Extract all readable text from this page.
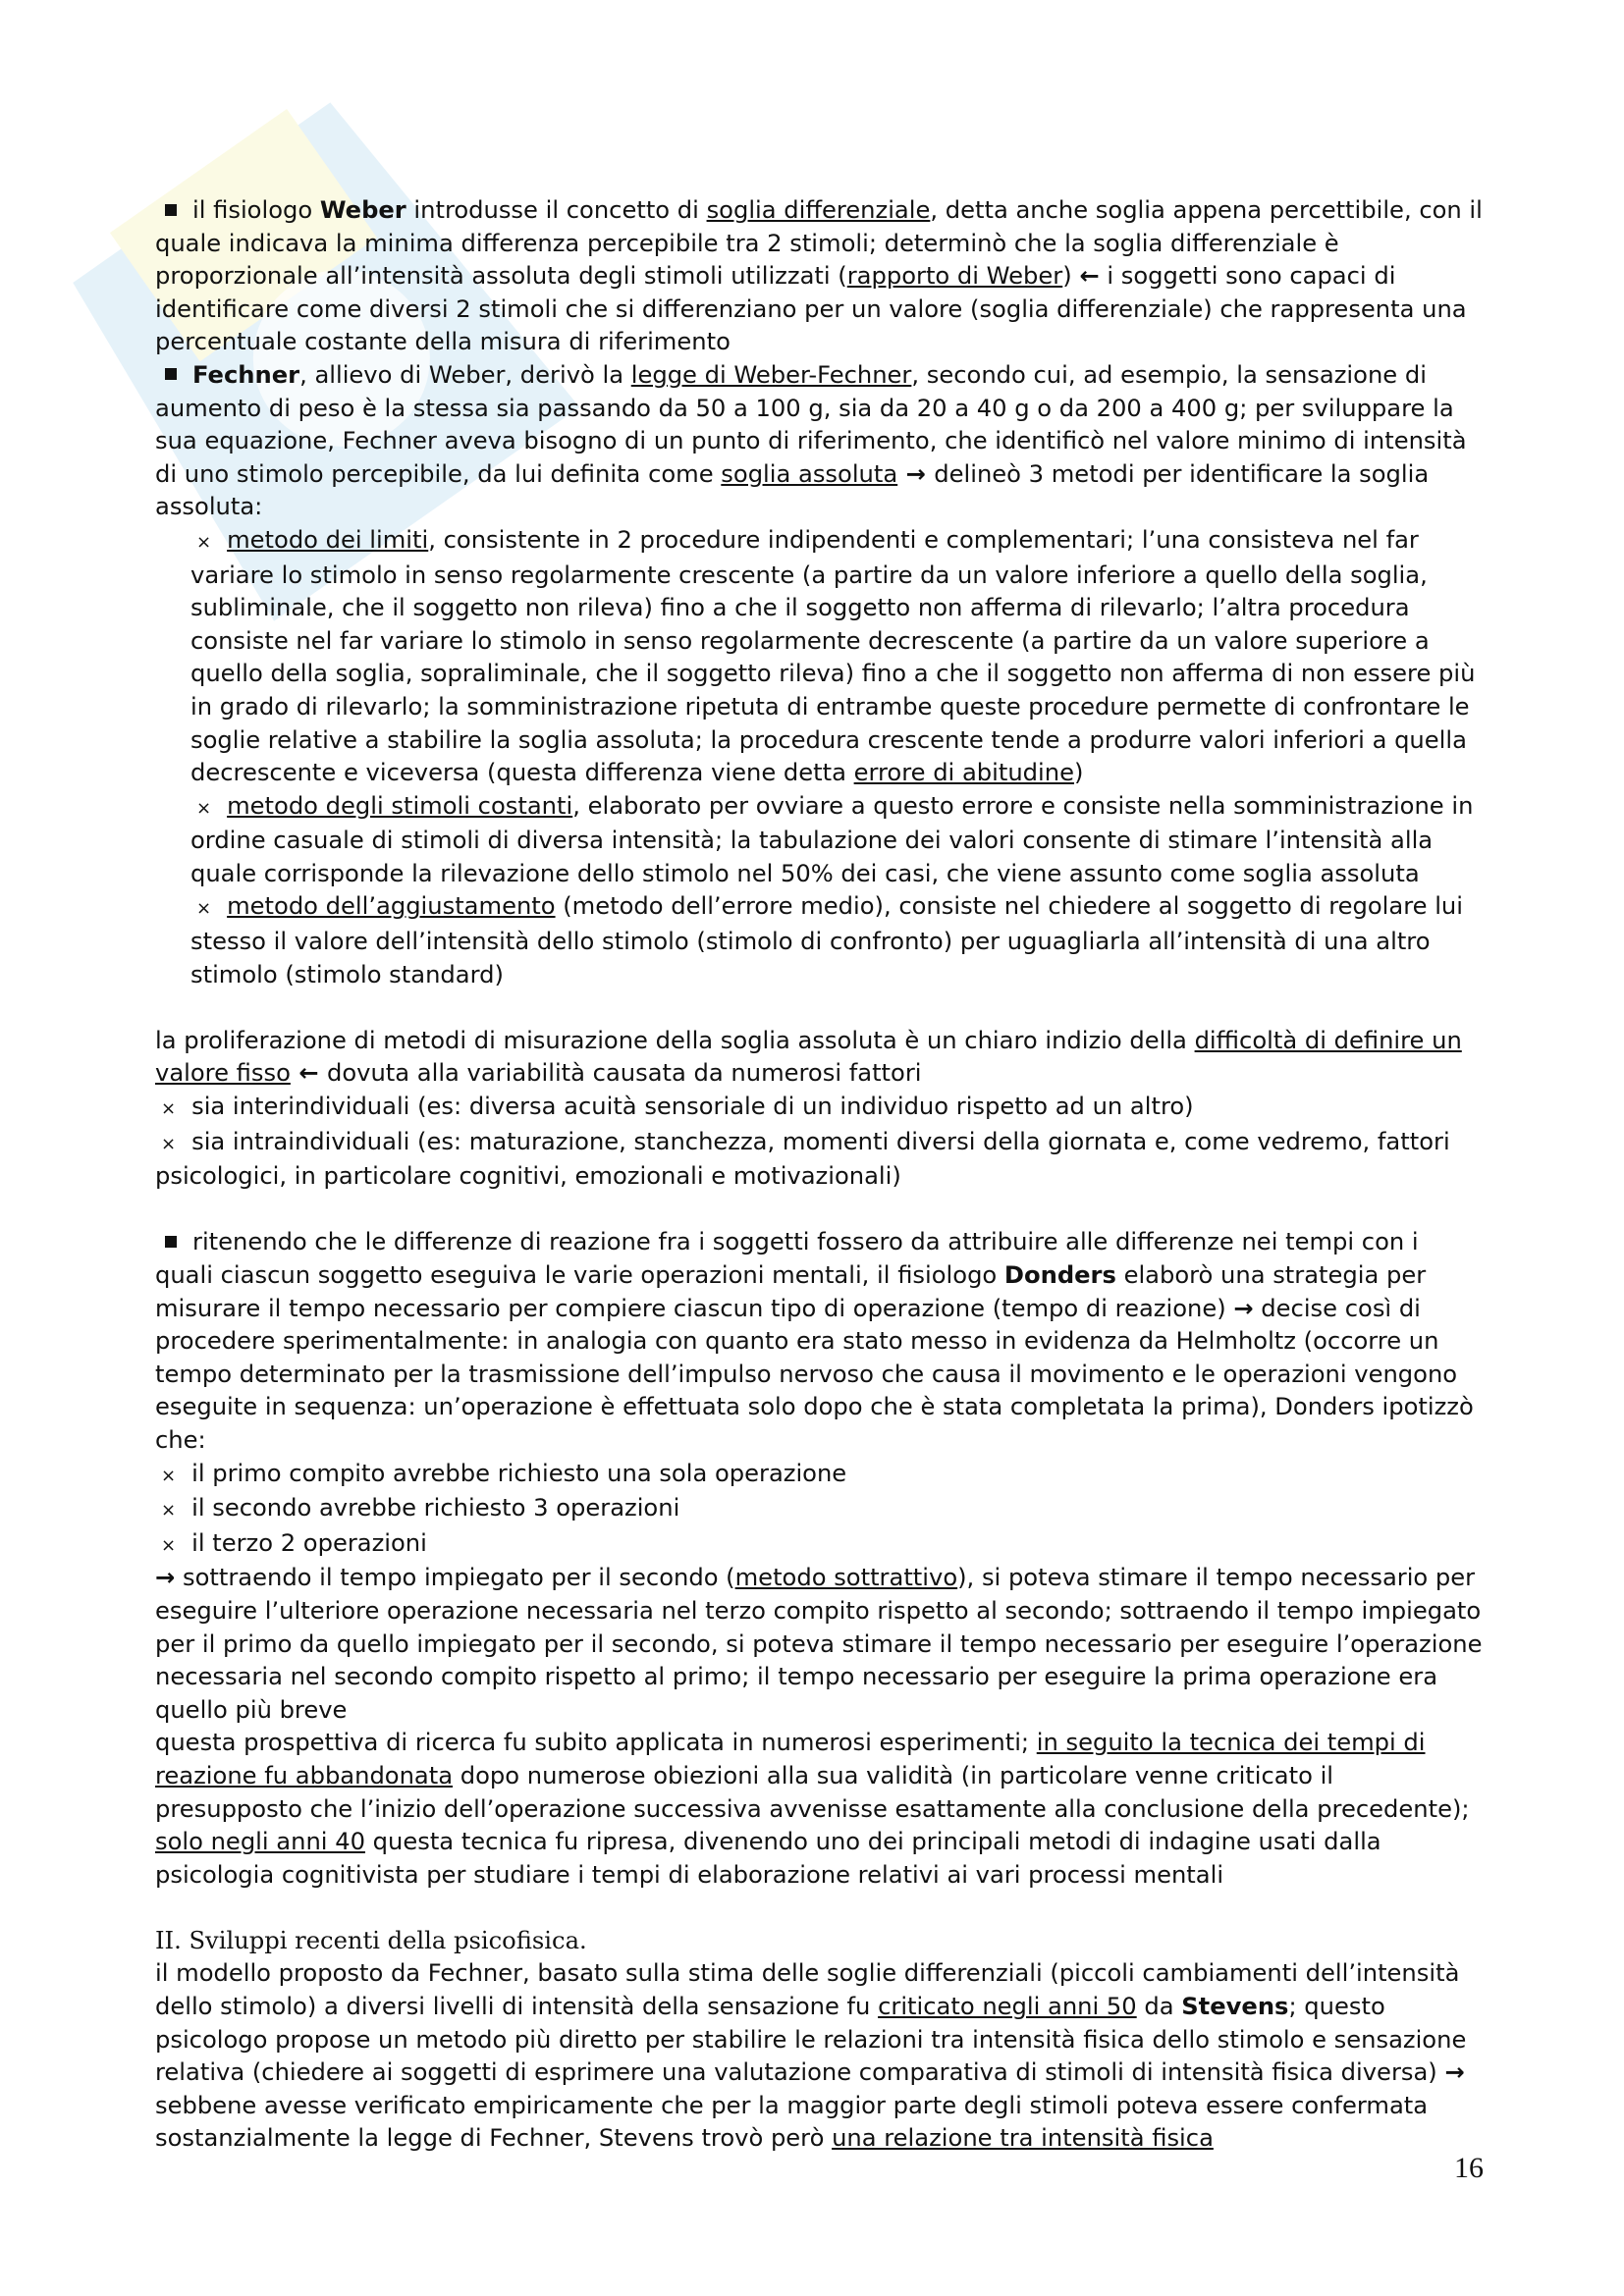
il fisiologo Weber introdusse il concetto di soglia differenziale, detta anche soglia appena percettibile, con il quale indicava la minima differenza percepibile tra 2 stimoli; determinò che la soglia differenziale è proporzionale all’intensità assoluta degli stimoli utilizzati (rapporto di Weber) ← i soggetti sono capaci di identificare come diversi 2 stimoli che si differenziano per un valore (soglia differenziale) che rappresenta una percentuale costante della misura di riferimento

Fechner, allievo di Weber, derivò la legge di Weber-Fechner, secondo cui, ad esempio, la sensazione di aumento di peso è la stessa sia passando da 50 a 100 g, sia da 20 a 40 g o da 200 a 400 g; per sviluppare la sua equazione, Fechner aveva bisogno di un punto di riferimento, che identificò nel valore minimo di intensità di uno stimolo percepibile, da lui definita come soglia assoluta → delineò 3 metodi per identificare la soglia assoluta:

× metodo dei limiti, consistente in 2 procedure indipendenti e complementari; l’una consisteva nel far variare lo stimolo in senso regolarmente crescente (a partire da un valore inferiore a quello della soglia, subliminale, che il soggetto non rileva) fino a che il soggetto non afferma di rilevarlo; l’altra procedura consiste nel far variare lo stimolo in senso regolarmente decrescente (a partire da un valore superiore a quello della soglia, sopraliminale, che il soggetto rileva) fino a che il soggetto non afferma di non essere più in grado di rilevarlo; la somministrazione ripetuta di entrambe queste procedure permette di confrontare le soglie relative a stabilire la soglia assoluta; la procedura crescente tende a produrre valori inferiori a quella decrescente e viceversa (questa differenza viene detta errore di abitudine)

× metodo degli stimoli costanti, elaborato per ovviare a questo errore e consiste nella somministrazione in ordine casuale di stimoli di diversa intensità; la tabulazione dei valori consente di stimare l’intensità alla quale corrisponde la rilevazione dello stimolo nel 50% dei casi, che viene assunto come soglia assoluta

× metodo dell’aggiustamento (metodo dell’errore medio), consiste nel chiedere al soggetto di regolare lui stesso il valore dell’intensità dello stimolo (stimolo di confronto) per uguagliarla all’intensità di una altro stimolo (stimolo standard)

la proliferazione di metodi di misurazione della soglia assoluta è un chiaro indizio della difficoltà di definire un valore fisso ← dovuta alla variabilità causata da numerosi fattori

× sia interindividuali (es: diversa acuità sensoriale di un individuo rispetto ad un altro)

× sia intraindividuali (es: maturazione, stanchezza, momenti diversi della giornata e, come vedremo, fattori psicologici, in particolare cognitivi, emozionali e motivazionali)

ritenendo che le differenze di reazione fra i soggetti fossero da attribuire alle differenze nei tempi con i quali ciascun soggetto eseguiva le varie operazioni mentali, il fisiologo Donders elaborò una strategia per misurare il tempo necessario per compiere ciascun tipo di operazione (tempo di reazione) → decise così di procedere sperimentalmente: in analogia con quanto era stato messo in evidenza da Helmholtz (occorre un tempo determinato per la trasmissione dell’impulso nervoso che causa il movimento e le operazioni vengono eseguite in sequenza: un’operazione è effettuata solo dopo che è stata completata la prima), Donders ipotizzò che:

× il primo compito avrebbe richiesto una sola operazione

× il secondo avrebbe richiesto 3 operazioni

× il terzo 2 operazioni

→ sottraendo il tempo impiegato per il secondo (metodo sottrattivo), si poteva stimare il tempo necessario per eseguire l’ulteriore operazione necessaria nel terzo compito rispetto al secondo; sottraendo il tempo impiegato per il primo da quello impiegato per il secondo, si poteva stimare il tempo necessario per eseguire l’operazione necessaria nel secondo compito rispetto al primo; il tempo necessario per eseguire la prima operazione era quello più breve

questa prospettiva di ricerca fu subito applicata in numerosi esperimenti; in seguito la tecnica dei tempi di reazione fu abbandonata dopo numerose obiezioni alla sua validità (in particolare venne criticato il presupposto che l’inizio dell’operazione successiva avvenisse esattamente alla conclusione della precedente); solo negli anni 40 questa tecnica fu ripresa, divenendo uno dei principali metodi di indagine usati dalla psicologia cognitivista per studiare i tempi di elaborazione relativi ai vari processi mentali

II. Sviluppi recenti della psicofisica.

il modello proposto da Fechner, basato sulla stima delle soglie differenziali (piccoli cambiamenti dell’intensità dello stimolo) a diversi livelli di intensità della sensazione fu criticato negli anni 50 da Stevens; questo psicologo propose un metodo più diretto per stabilire le relazioni tra intensità fisica dello stimolo e sensazione relativa (chiedere ai soggetti di esprimere una valutazione comparativa di stimoli di intensità fisica diversa) → sebbene avesse verificato empiricamente che per la maggior parte degli stimoli poteva essere confermata sostanzialmente la legge di Fechner, Stevens trovò però una relazione tra intensità fisica

16
